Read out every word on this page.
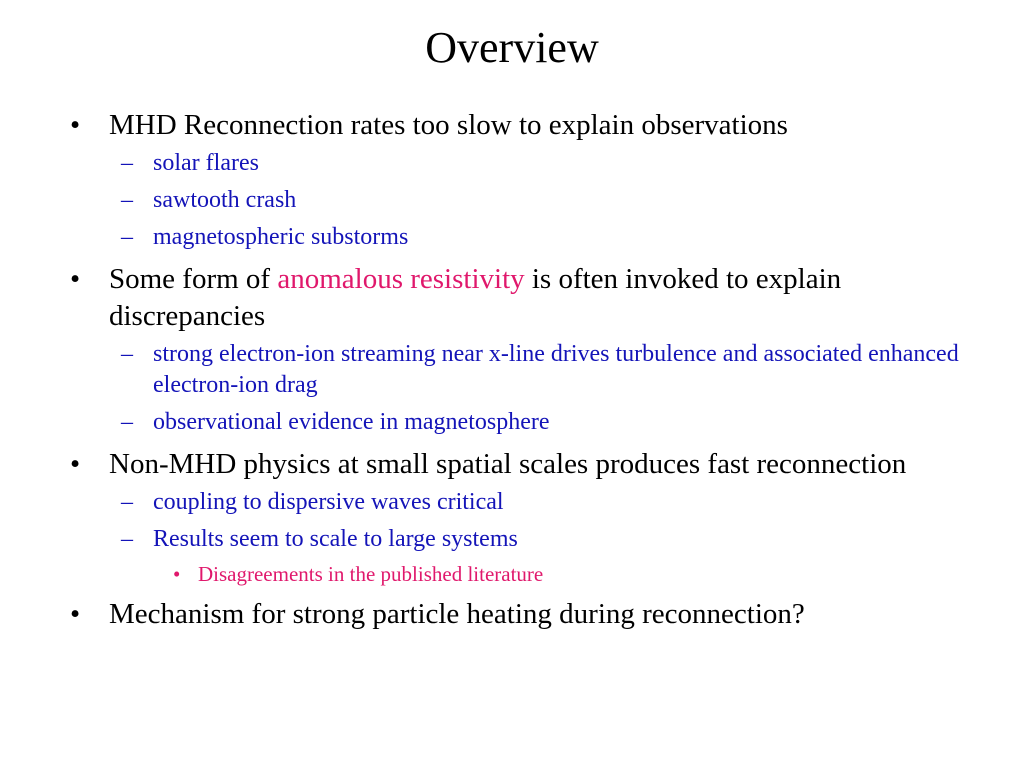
Overview
• MHD Reconnection rates too slow to explain observations
– solar flares
– sawtooth crash
– magnetospheric substorms
• Some form of anomalous resistivity is often invoked to explain discrepancies
– strong electron-ion streaming near x-line drives turbulence and associated enhanced electron-ion drag
– observational evidence in magnetosphere
• Non-MHD physics at small spatial scales produces fast reconnection
– coupling to dispersive waves critical
– Results seem to scale to large systems
• Disagreements in the published literature
• Mechanism for strong particle heating during reconnection?
